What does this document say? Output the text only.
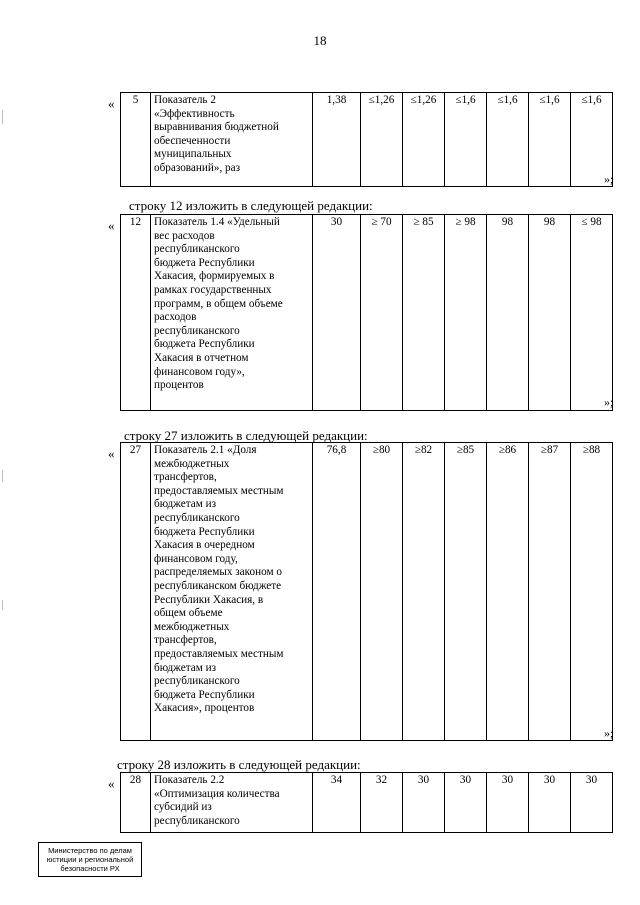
18
« 5	Показатель 2
«Эффективность
выравнивания бюджетной
обеспеченности
муниципальных
образований», раз	1,38	≤1,26	≤1,26	≤1,6	≤1,6	≤1,6	≤1,6
»;
строку 12 изложить в следующей редакции:
« 12	Показатель 1.4 «Удельный
вес расходов
республиканского
бюджета Республики
Хакасия, формируемых в
рамках государственных
программ, в общем объеме
расходов
республиканского
бюджета Республики
Хакасия в отчетном
финансовом году»,
процентов	30	≥ 70	≥ 85	≥ 98	98	98	≤ 98
»;
строку 27 изложить в следующей редакции:
« 27	Показатель 2.1 «Доля
межбюджетных
трансфертов,
предоставляемых местным
бюджетам из
республиканского
бюджета Республики
Хакасия в очередном
финансовом году,
распределяемых законом о
республиканском бюджете
Республики Хакасия, в
общем объеме
межбюджетных
трансфертов,
предоставляемых местным
бюджетам из
республиканского
бюджета Республики
Хакасия», процентов	76,8	≥80	≥82	≥85	≥86	≥87	≥88
»;
строку 28 изложить в следующей редакции:
« 28	Показатель 2.2
«Оптимизация количества
субсидий из
республиканского	34	32	30	30	30	30	30
Министерство по делам
юстиции и региональной
безопасности РХ
